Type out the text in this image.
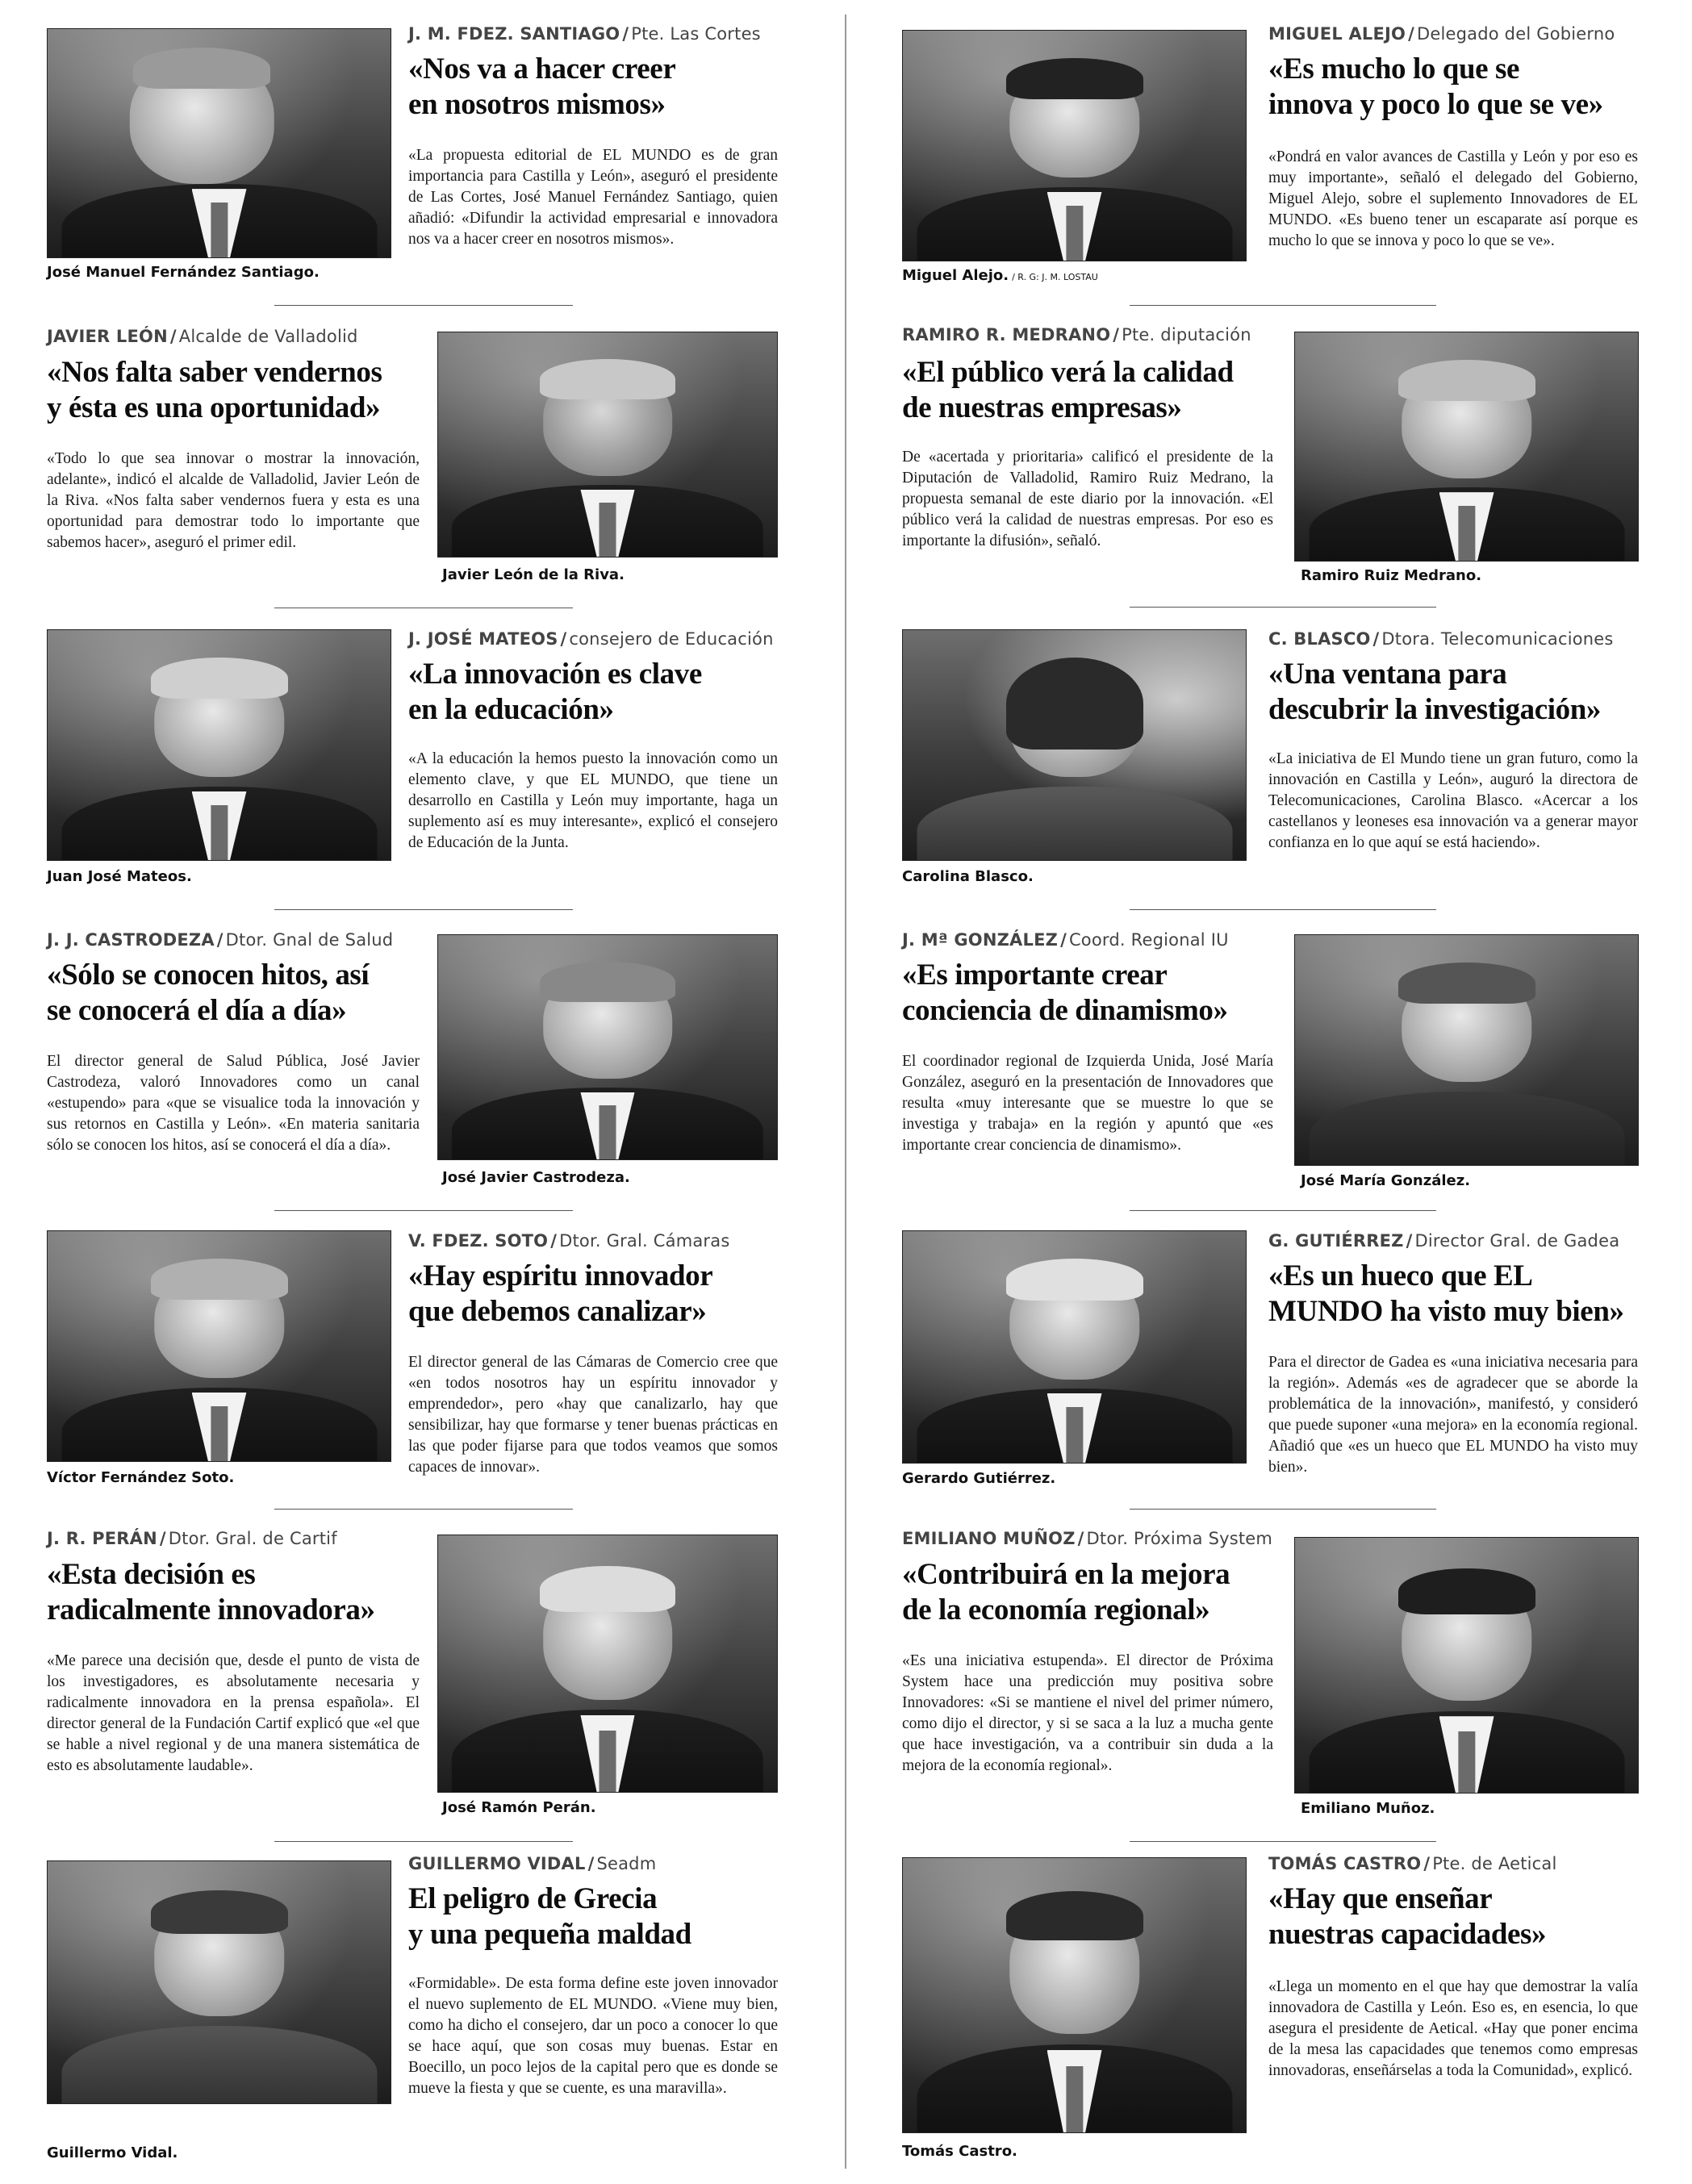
José Manuel Fernández Santiago.
J. M. FDEZ. SANTIAGO / Pte. Las Cortes
«Nos va a hacer creer
en nosotros mismos»

«La propuesta editorial de EL MUNDO es de gran importancia para Castilla y León», aseguró el presidente de Las Cortes, José Manuel Fernández Santiago, quien añadió: «Difundir la actividad empresarial e innovadora nos va a hacer creer en nosotros mismos».

JAVIER LEÓN / Alcalde de Valladolid
«Nos falta saber vendernos
y ésta es una oportunidad»

«Todo lo que sea innovar o mostrar la innovación, adelante», indicó el alcalde de Valladolid, Javier León de la Riva. «Nos falta saber vendernos fuera y esta es una oportunidad para demostrar todo lo importante que sabemos hacer», aseguró el primer edil.

Javier León de la Riva.
Juan José Mateos.
J. JOSÉ MATEOS / consejero de Educación
«La innovación es clave
en la educación»

«A la educación la hemos puesto la innovación como un elemento clave, y que EL MUNDO, que tiene un desarrollo en Castilla y León muy importante, haga un suplemento así es muy interesante», explicó el consejero de Educación de la Junta.

J. J. CASTRODEZA / Dtor. Gnal de Salud
«Sólo se conocen hitos, así
se conocerá el día a día»

El director general de Salud Pública, José Javier Castrodeza, valoró Innovadores como un canal «estupendo» para «que se visualice toda la innovación y sus retornos en Castilla y León». «En materia sanitaria sólo se conocen los hitos, así se conocerá el día a día».

José Javier Castrodeza.
Víctor Fernández Soto.
V. FDEZ. SOTO / Dtor. Gral. Cámaras
«Hay espíritu innovador
que debemos canalizar»

El director general de las Cámaras de Comercio cree que «en todos nosotros hay un espíritu innovador y emprendedor», pero «hay que canalizarlo, hay que sensibilizar, hay que formarse y tener buenas prácticas en las que poder fijarse para que todos veamos que somos capaces de innovar».

J. R. PERÁN / Dtor. Gral. de Cartif
«Esta decisión es
radicalmente innovadora»

«Me parece una decisión que, desde el punto de vista de los investigadores, es absolutamente necesaria y radicalmente innovadora en la prensa española». El director general de la Fundación Cartif explicó que «el que se hable a nivel regional y de una manera sistemática de esto es absolutamente laudable».

José Ramón Perán.
Guillermo Vidal.
GUILLERMO VIDAL / Seadm
El peligro de Grecia
y una pequeña maldad

«Formidable». De esta forma define este joven innovador el nuevo suplemento de EL MUNDO. «Viene muy bien, como ha dicho el consejero, dar un poco a conocer lo que se hace aquí, que son cosas muy buenas. Estar en Boecillo, un poco lejos de la capital pero que es donde se mueve la fiesta y que se cuente, es una maravilla».

Miguel Alejo. / R. G: J. M. LOSTAU
MIGUEL ALEJO / Delegado del Gobierno
«Es mucho lo que se
innova y poco lo que se ve»

«Pondrá en valor avances de Castilla y León y por eso es muy importante», señaló el delegado del Gobierno, Miguel Alejo, sobre el suplemento Innovadores de EL MUNDO. «Es bueno tener un escaparate así porque es mucho lo que se innova y poco lo que se ve».

RAMIRO R. MEDRANO / Pte. diputación
«El público verá la calidad
de nuestras empresas»

De «acertada y prioritaria» calificó el presidente de la Diputación de Valladolid, Ramiro Ruiz Medrano, la propuesta semanal de este diario por la innovación. «El público verá la calidad de nuestras empresas. Por eso es importante la difusión», señaló.

Ramiro Ruiz Medrano.
Carolina Blasco.
C. BLASCO / Dtora. Telecomunicaciones
«Una ventana para
descubrir la investigación»

«La iniciativa de El Mundo tiene un gran futuro, como la innovación en Castilla y León», auguró la directora de Telecomunicaciones, Carolina Blasco. «Acercar a los castellanos y leoneses esa innovación va a generar mayor confianza en lo que aquí se está haciendo».

J. Mª GONZÁLEZ / Coord. Regional IU
«Es importante crear
conciencia de dinamismo»

El coordinador regional de Izquierda Unida, José María González, aseguró en la presentación de Innovadores que resulta «muy interesante que se muestre lo que se investiga y trabaja» en la región y apuntó que «es importante crear conciencia de dinamismo».

José María González.
Gerardo Gutiérrez.
G. GUTIÉRREZ / Director Gral. de Gadea
«Es un hueco que EL
MUNDO ha visto muy bien»

Para el director de Gadea es «una iniciativa necesaria para la región». Además «es de agradecer que se aborde la problemática de la innovación», manifestó, y consideró que puede suponer «una mejora» en la economía regional. Añadió que «es un hueco que EL MUNDO ha visto muy bien».

EMILIANO MUÑOZ / Dtor. Próxima System
«Contribuirá en la mejora
de la economía regional»

«Es una iniciativa estupenda». El director de Próxima System hace una predicción muy positiva sobre Innovadores: «Si se mantiene el nivel del primer número, como dijo el director, y si se saca a la luz a mucha gente que hace investigación, va a contribuir sin duda a la mejora de la economía regional».

Emiliano Muñoz.
Tomás Castro.
TOMÁS CASTRO / Pte. de Aetical
«Hay que enseñar
nuestras capacidades»

«Llega un momento en el que hay que demostrar la valía innovadora de Castilla y León. Eso es, en esencia, lo que asegura el presidente de Aetical. «Hay que poner encima de la mesa las capacidades que tenemos como empresas innovadoras, enseñárselas a toda la Comunidad», explicó.
